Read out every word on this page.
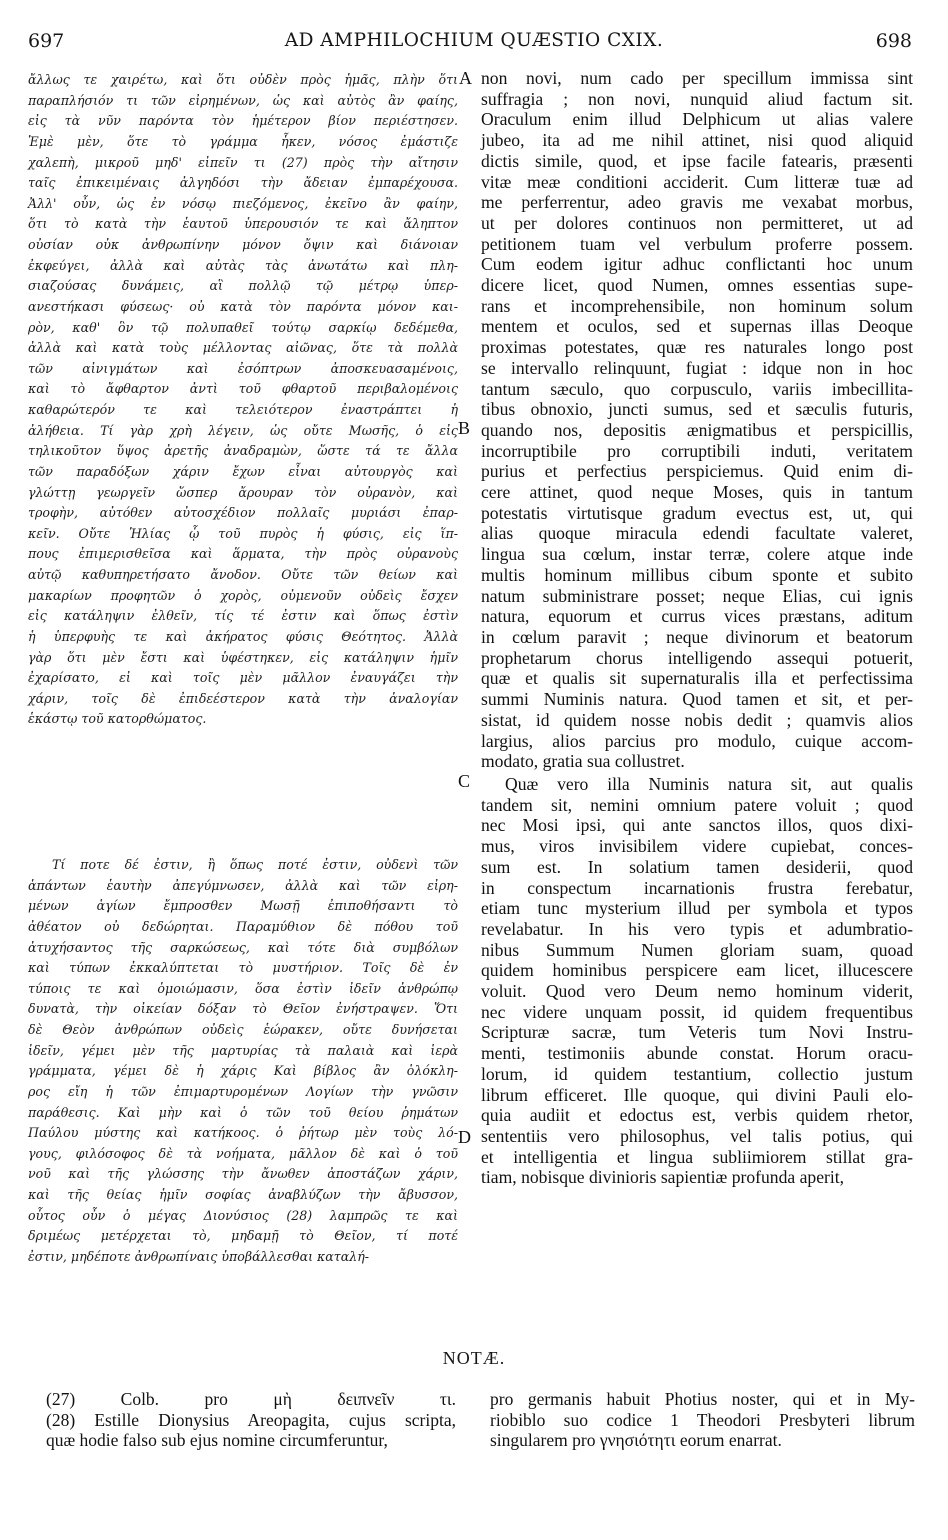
697	AD AMPHILOCHIUM QUÆSTIO CXIX.	698
ἄλλως τε χαιρέτω, καὶ ὅτι οὐδὲν πρὸς ἡμᾶς, πλὴν ὅτι
παραπλήσιόν τι τῶν εἰρημένων, ὡς καὶ αὐτὸς ἂν φαίης,
εἰς τὰ νῦν παρόντα τὸν ἡμέτερον βίον περιέστησεν.
Ἐμὲ μὲν, ὅτε τὸ γράμμα ἧκεν, νόσος ἐμάστιζε
χαλεπὴ, μικροῦ μηδ' εἰπεῖν τι (27) πρὸς τὴν αἴτησιν
ταῖς ἐπικειμέναις ἀλγηδόσι τὴν ἄδειαν ἐμπαρέχουσα.
Ἀλλ' οὖν, ὡς ἐν νόσῳ πιεζόμενος, ἐκεῖνο ἂν φαίην,
ὅτι τὸ κατὰ τὴν ἑαυτοῦ ὑπερουσιόν τε καὶ ἄληπτον
οὐσίαν οὐκ ἀνθρωπίνην μόνον ὄψιν καὶ διάνοιαν
ἐκφεύγει, ἀλλὰ καὶ αὐτὰς τὰς ἀνωτάτω καὶ πλη-
σιαζούσας δυνάμεις, αἳ πολλῷ τῷ μέτρῳ ὑπερ-
ανεστήκασι φύσεως· οὐ κατὰ τὸν παρόντα μόνον και-
ρὸν, καθ' ὃν τῷ πολυπαθεῖ τούτῳ σαρκίῳ δεδέμεθα,
ἀλλὰ καὶ κατὰ τοὺς μέλλοντας αἰῶνας, ὅτε τὰ πολλὰ
τῶν αἰνιγμάτων καὶ ἐσόπτρων ἀποσκευασαμένοις,
καὶ τὸ ἄφθαρτον ἀντὶ τοῦ φθαρτοῦ περιβαλομένοις
καθαρώτερόν τε καὶ τελειότερον ἐναστράπτει ἡ
ἀλήθεια. Τί γὰρ χρὴ λέγειν, ὡς οὔτε Μωσῆς, ὁ εἰς
τηλικοῦτον ὕψος ἀρετῆς ἀναδραμὼν, ὥστε τά τε ἄλλα
τῶν παραδόξων χάριν ἔχων εἶναι αὐτουργὸς καὶ
γλώττῃ γεωργεῖν ὥσπερ ἄρουραν τὸν οὐρανὸν, καὶ
τροφὴν, αὐτόθεν αὐτοσχέδιον πολλαῖς μυριάσι ἐπαρ-
κεῖν. Οὔτε Ἡλίας ᾧ τοῦ πυρὸς ἡ φύσις, εἰς ἵπ-
πους ἐπιμερισθεῖσα καὶ ἅρματα, τὴν πρὸς οὐρανοὺς
αὐτῷ καθυπηρετήσατο ἄνοδον. Οὔτε τῶν θείων καὶ
μακαρίων προφητῶν ὁ χορὸς, οὐμενοῦν οὐδεὶς ἔσχεν
εἰς κατάληψιν ἐλθεῖν, τίς τέ ἐστιν καὶ ὅπως ἐστὶν
ἡ ὑπερφυὴς τε καὶ ἀκήρατος φύσις Θεότητος. Ἀλλὰ
γὰρ ὅτι μὲν ἔστι καὶ ὑφέστηκεν, εἰς κατάληψιν ἡμῖν
ἐχαρίσατο, εἰ καὶ τοῖς μὲν μᾶλλον ἐναυγάζει τὴν
χάριν, τοῖς δὲ ἐπιδεέστερον κατὰ τὴν ἀναλογίαν
ἑκάστῳ τοῦ κατορθώματος.
Τί ποτε δέ ἐστιν, ἢ ὅπως ποτέ ἐστιν, οὐδενὶ τῶν
ἁπάντων ἑαυτὴν ἀπεγύμνωσεν, ἀλλὰ καὶ τῶν εἰρη-
μένων ἁγίων ἔμπροσθεν Μωσῇ ἐπιποθήσαντι τὸ
ἀθέατον οὐ δεδώρηται. Παραμύθιον δὲ πόθου τοῦ
ἀτυχήσαντος τῆς σαρκώσεως, καὶ τότε διὰ συμβόλων
καὶ τύπων ἐκκαλύπτεται τὸ μυστήριον. Τοῖς δὲ ἐν
τύποις τε καὶ ὁμοιώμασιν, ὅσα ἐστὶν ἰδεῖν ἀνθρώπῳ
δυνατὰ, τὴν οἰκείαν δόξαν τὸ Θεῖον ἐνήστραψεν. Ὅτι
δὲ Θεὸν ἀνθρώπων οὐδεὶς ἑώρακεν, οὔτε δυνήσεται
ἰδεῖν, γέμει μὲν τῆς μαρτυρίας τὰ παλαιὰ καὶ ἱερὰ
γράμματα, γέμει δὲ ἡ χάρις Καὶ βίβλος ἂν ὁλόκλη-
ρος εἴη ἡ τῶν ἐπιμαρτυρομένων Λογίων τὴν γνῶσιν
παράθεσις. Καὶ μὴν καὶ ὁ τῶν τοῦ θείου ῥημάτων
Παύλου μύστης καὶ κατήκοος. ὁ ῥήτωρ μὲν τοὺς λό-
γους, φιλόσοφος δὲ τὰ νοήματα, μᾶλλον δὲ καὶ ὁ τοῦ
νοῦ καὶ τῆς γλώσσης τὴν ἄνωθεν ἀποστάζων χάριν,
καὶ τῆς θείας ἡμῖν σοφίας ἀναβλύζων τὴν ἄβυσσον,
οὗτος οὖν ὁ μέγας Διονύσιος (28) λαμπρῶς τε καὶ
δριμέως μετέρχεται τὸ, μηδαμῇ τὸ Θεῖον, τί ποτέ
ἐστιν, μηδέποτε ἀνθρωπίναις ὑποβάλλεσθαι καταλή-
non novi, num cado per specillum immissa sint
suffragia ; non novi, nunquid aliud factum sit.
Oraculum enim illud Delphicum ut alias valere
jubeo, ita ad me nihil attinet, nisi quod aliquid
dictis simile, quod, et ipse facile fatearis, præsenti
vitæ meæ conditioni acciderit. Cum litteræ tuæ ad
me perferrentur, adeo gravis me vexabat morbus,
ut per dolores continuos non permitteret, ut ad
petitionem tuam vel verbulum proferre possem.
Cum eodem igitur adhuc conflictanti hoc unum
dicere licet, quod Numen, omnes essentias supe-
rans et incomprehensibile, non hominum solum
mentem et oculos, sed et supernas illas Deoque
proximas potestates, quæ res naturales longo post
se intervallo relinquunt, fugiat : idque non in hoc
tantum sæculo, quo corpusculo, variis imbecillita-
tibus obnoxio, juncti sumus, sed et sæculis futuris,
quando nos, depositis ænigmatibus et perspicillis,
incorruptibile pro corruptibili induti, veritatem
purius et perfectius perspiciemus. Quid enim di-
cere attinet, quod neque Moses, quis in tantum
potestatis virtutisque gradum evectus est, ut, qui
alias quoque miracula edendi facultate valeret,
lingua sua cœlum, instar terræ, colere atque inde
multis hominum millibus cibum sponte et subito
natum subministrare posset; neque Elias, cui ignis
natura, equorum et currus vices præstans, aditum
in cœlum paravit ; neque divinorum et beatorum
prophetarum chorus intelligendo assequi potuerit,
quæ et qualis sit supernaturalis illa et perfectissima
summi Numinis natura. Quod tamen et sit, et per-
sistat, id quidem nosse nobis dedit ; quamvis alios
largius, alios parcius pro modulo, cuique accom-
modato, gratia sua collustret.
Quæ vero illa Numinis natura sit, aut qualis
tandem sit, nemini omnium patere voluit ; quod
nec Mosi ipsi, qui ante sanctos illos, quos dixi-
mus, viros invisibilem videre cupiebat, conces-
sum est. In solatium tamen desiderii, quod
in conspectum incarnationis frustra ferebatur,
etiam tunc mysterium illud per symbola et typos
revelabatur. In his vero typis et adumbratio-
nibus Summum Numen gloriam suam, quoad
quidem hominibus perspicere eam licet, illucescere
voluit. Quod vero Deum nemo hominum viderit,
nec videre unquam possit, id quidem frequentibus
Scripturæ sacræ, tum Veteris tum Novi Instru-
menti, testimoniis abunde constat. Horum oracu-
lorum, id quidem testantium, collectio justum
librum efficeret. Ille quoque, qui divini Pauli elo-
quia audiit et edoctus est, verbis quidem rhetor,
sententiis vero philosophus, vel talis potius, qui
et intelligentia et lingua subliimiorem stillat gra-
tiam, nobisque divinioris sapientiæ profunda aperit,
A
B
C
D
NOTÆ.
(27) Colb. pro μὴ δειπνεῖν τι.
(28) Estille Dionysius Areopagita, cujus scripta,
quæ hodie falso sub ejus nomine circumferuntur,
pro germanis habuit Photius noster, qui et in My-
riobiblo suo codice 1 Theodori Presbyteri librum
singularem pro γνησιότητι eorum enarrat.
